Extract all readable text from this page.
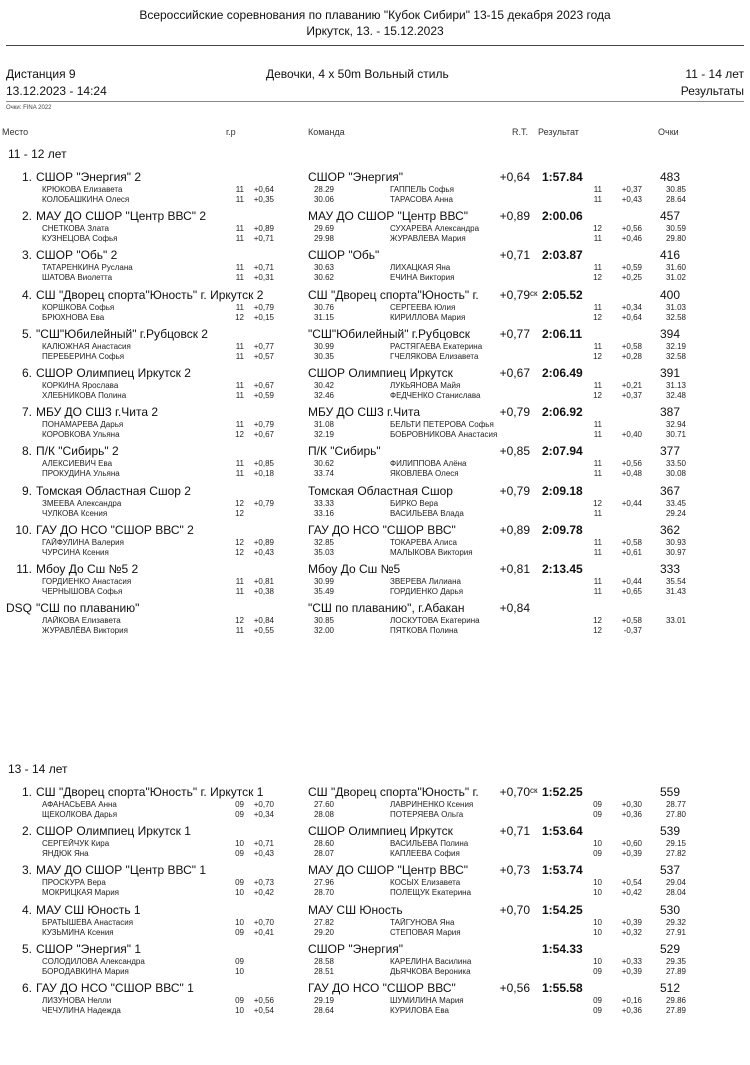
Всероссийские соревнования по плаванию "Кубок Сибири" 13-15 декабря 2023 года
Иркутск, 13. - 15.12.2023
Дистанция 9	Девочки, 4 x 50m Вольный стиль	11 - 14 лет
13.12.2023 - 14:24	Результаты
Очки: FINA 2022
Место	г.р	Команда	R.T. Результат	Очки
11 - 12 лет
1. СШОР "Энергия" 2	СШОР "Энергия"	+0,64 1:57.84	483
КРЮКОВА Елизавета	11	+0,64	28.29	ГАППЕЛЬ Софья	11	+0,37	30.85
КОЛОБАШКИНА Олеся	11	+0,35	30.06	ТАРАСОВА Анна	11	+0,43	28.64
2. МАУ ДО СШОР "Центр ВВС" 2	МАУ ДО СШОР "Центр ВВС"	+0,89 2:00.06	457
СНЕТКОВА Злата	11	+0,89	29.69	СУХАРЕВА Александра	12	+0,56	30.59
КУЗНЕЦОВА Софья	11	+0,71	29.98	ЖУРАВЛЕВА Мария	11	+0,46	29.80
3. СШОР "Обь" 2	СШОР "Обь"	+0,71 2:03.87	416
ТАТАРЕНКИНА Руслана	11	+0,71	30.63	ЛИХАЦКАЯ Яна	11	+0,59	31.60
ШАТОВА Виолетта	11	+0,31	30.62	ЕЧИНА Виктория	12	+0,25	31.02
4. СШ "Дворец спорта"Юность" г. Иркутск 2	СШ "Дворец спорта"Юность" г.	+0,79 ск 2:05.52	400
КОРШКОВА Софья	11	+0,79	30.76	СЕРГЕЕВА Юлия	11	+0,34	31.03
БРЮХНОВА Ева	12	+0,15	31.15	КИРИЛЛОВА Мария	12	+0,64	32.58
5. "СШ"Юбилейный" г.Рубцовск 2	"СШ"Юбилейный" г.Рубцовск	+0,77 2:06.11	394
КАЛЮЖНАЯ Анастасия	11	+0,77	30.99	РАСТЯГАЕВА Екатерина	11	+0,58	32.19
ПЕРЕБЕРИНА Софья	11	+0,57	30.35	ГЧЕЛЯКОВА Елизавета	12	+0,28	32.58
6. СШОР Олимпиец Иркутск 2	СШОР Олимпиец Иркутск	+0,67 2:06.49	391
КОРКИНА Ярослава	11	+0,67	30.42	ЛУКЬЯНОВА Майя	11	+0,21	31.13
ХЛЕБНИКОВА Полина	11	+0,59	32.46	ФЕДЧЕНКО Станислава	12	+0,37	32.48
7. МБУ ДО СШ3 г.Чита 2	МБУ ДО СШ3 г.Чита	+0,79 2:06.92	387
ПОНАМАРЕВА Дарья	11	+0,79	31.08	БЕЛЬТИ ПЕТЕРОВА Софья	11	32.94
КОРОВКОВА Ульяна	12	+0,67	32.19	БОБРОВНИКОВА Анастасия	11	+0,40	30.71
8. П/К "Сибирь" 2	П/К "Сибирь"	+0,85 2:07.94	377
АЛЕКСИЕВИЧ Ева	11	+0,85	30.62	ФИЛИППОВА Алёна	11	+0,56	33.50
ПРОКУДИНА Ульяна	11	+0,18	33.74	ЯКОВЛЕВА Олеся	11	+0,48	30.08
9. Томская Областная Сшор 2	Томская Областная Сшор	+0,79 2:09.18	367
ЗМЕЕВА Александра	12	+0,79	33.33	БИРКО Вера	12	+0,44	33.45
ЧУЛКОВА Ксения	12	33.16	ВАСИЛЬЕВА Влада	11	29.24
10. ГАУ ДО НСО "СШОР ВВС" 2	ГАУ ДО НСО "СШОР ВВС"	+0,89 2:09.78	362
ГАЙФУЛИНА Валерия	12	+0,89	32.85	ТОКАРЕВА Алиса	11	+0,58	30.93
ЧУРСИНА Ксения	12	+0,43	35.03	МАЛЫКОВА Виктория	11	+0,61	30.97
11. Мбоу До Сш №5 2	Мбоу До Сш №5	+0,81 2:13.45	333
ГОРДИЕНКО Анастасия	11	+0,81	30.99	ЗВЕРЕВА Лилиана	11	+0,44	35.54
ЧЕРНЫШОВА Софья	11	+0,38	35.49	ГОРДИЕНКО Дарья	11	+0,65	31.43
DSQ "СШ по плаванию"	"СШ по плаванию", г.Абакан	+0,84
ЛАЙКОВА Елизавета	12	+0,84	30.85	ЛОСКУТОВА Екатерина	12	+0,58	33.01
ЖУРАВЛЁВА Виктория	11	+0,55	32.00	ПЯТКОВА Полина	12	-0,37
13 - 14 лет
1. СШ "Дворец спорта"Юность" г. Иркутск 1	СШ "Дворец спорта"Юность" г.	+0,70 ск 1:52.25	559
АФАНАСЬЕВА Анна	09	+0,70	27.60	ЛАВРИНЕНКО Ксения	09	+0,30	28.77
ЩЕКОЛКОВА Дарья	09	+0,34	28.08	ПОТЕРЯЕВА Ольга	09	+0,36	27.80
2. СШОР Олимпиец Иркутск 1	СШОР Олимпиец Иркутск	+0,71 1:53.64	539
СЕРГЕЙЧУК Кира	10	+0,71	28.60	ВАСИЛЬЕВА Полина	10	+0,60	29.15
ЯНДЮК Яна	09	+0,43	28.07	КАПЛЕЕВА София	09	+0,39	27.82
3. МАУ ДО СШОР "Центр ВВС" 1	МАУ ДО СШОР "Центр ВВС"	+0,73 1:53.74	537
ПРОСКУРА Вера	09	+0,73	27.96	КОСЫХ Елизавета	10	+0,54	29.04
МОКРИЦКАЯ Мария	10	+0,42	28.70	ПОЛЕЩУК Екатерина	10	+0,42	28.04
4. МАУ СШ Юность 1	МАУ СШ Юность	+0,70 1:54.25	530
БРАТЫШЕВА Анастасия	10	+0,70	27.82	ТАЙГУНОВА Яна	10	+0,39	29.32
КУЗЬМИНА Ксения	09	+0,41	29.20	СТЕПОВАЯ Мария	10	+0,32	27.91
5. СШОР "Энергия" 1	СШОР "Энергия"	1:54.33	529
СОЛОДИЛОВА Александра	09	28.58	КАРЕЛИНА Василина	10	+0,33	29.35
БОРОДАВКИНА Мария	10	28.51	ДЬЯЧКОВА Вероника	09	+0,39	27.89
6. ГАУ ДО НСО "СШОР ВВС" 1	ГАУ ДО НСО "СШОР ВВС"	+0,56 1:55.58	512
ЛИЗУНОВА Нелли	09	+0,56	29.19	ШУМИЛИНА Мария	09	+0,16	29.86
ЧЕЧУЛИНА Надежда	10	+0,54	28.64	КУРИЛОВА Ева	09	+0,36	27.89
